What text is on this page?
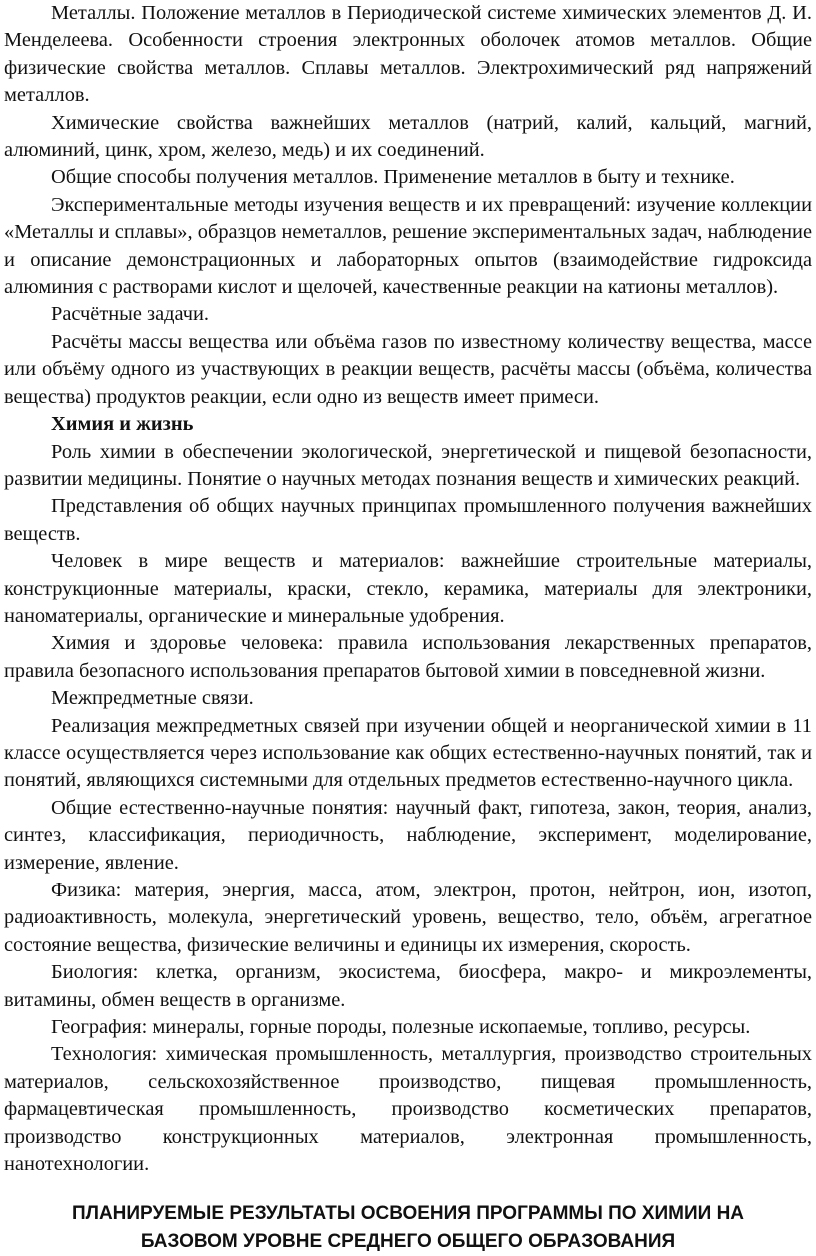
Металлы. Положение металлов в Периодической системе химических элементов Д. И. Менделеева. Особенности строения электронных оболочек атомов металлов. Общие физические свойства металлов. Сплавы металлов. Электрохимический ряд напряжений металлов.

Химические свойства важнейших металлов (натрий, калий, кальций, магний, алюминий, цинк, хром, железо, медь) и их соединений.

Общие способы получения металлов. Применение металлов в быту и технике.

Экспериментальные методы изучения веществ и их превращений: изучение коллекции «Металлы и сплавы», образцов неметаллов, решение экспериментальных задач, наблюдение и описание демонстрационных и лабораторных опытов (взаимодействие гидроксида алюминия с растворами кислот и щелочей, качественные реакции на катионы металлов).

Расчётные задачи.

Расчёты массы вещества или объёма газов по известному количеству вещества, массе или объёму одного из участвующих в реакции веществ, расчёты массы (объёма, количества вещества) продуктов реакции, если одно из веществ имеет примеси.

Химия и жизнь

Роль химии в обеспечении экологической, энергетической и пищевой безопасности, развитии медицины. Понятие о научных методах познания веществ и химических реакций.

Представления об общих научных принципах промышленного получения важнейших веществ.

Человек в мире веществ и материалов: важнейшие строительные материалы, конструкционные материалы, краски, стекло, керамика, материалы для электроники, наноматериалы, органические и минеральные удобрения.

Химия и здоровье человека: правила использования лекарственных препаратов, правила безопасного использования препаратов бытовой химии в повседневной жизни.

Межпредметные связи.

Реализация межпредметных связей при изучении общей и неорганической химии в 11 классе осуществляется через использование как общих естественно-научных понятий, так и понятий, являющихся системными для отдельных предметов естественно-научного цикла.

Общие естественно-научные понятия: научный факт, гипотеза, закон, теория, анализ, синтез, классификация, периодичность, наблюдение, эксперимент, моделирование, измерение, явление.

Физика: материя, энергия, масса, атом, электрон, протон, нейтрон, ион, изотоп, радиоактивность, молекула, энергетический уровень, вещество, тело, объём, агрегатное состояние вещества, физические величины и единицы их измерения, скорость.

Биология: клетка, организм, экосистема, биосфера, макро- и микроэлементы, витамины, обмен веществ в организме.

География: минералы, горные породы, полезные ископаемые, топливо, ресурсы.

Технология: химическая промышленность, металлургия, производство строительных материалов, сельскохозяйственное производство, пищевая промышленность, фармацевтическая промышленность, производство косметических препаратов, производство конструкционных материалов, электронная промышленность, нанотехнологии.

ПЛАНИРУЕМЫЕ РЕЗУЛЬТАТЫ ОСВОЕНИЯ ПРОГРАММЫ ПО ХИМИИ НА
БАЗОВОМ УРОВНЕ СРЕДНЕГО ОБЩЕГО ОБРАЗОВАНИЯ
